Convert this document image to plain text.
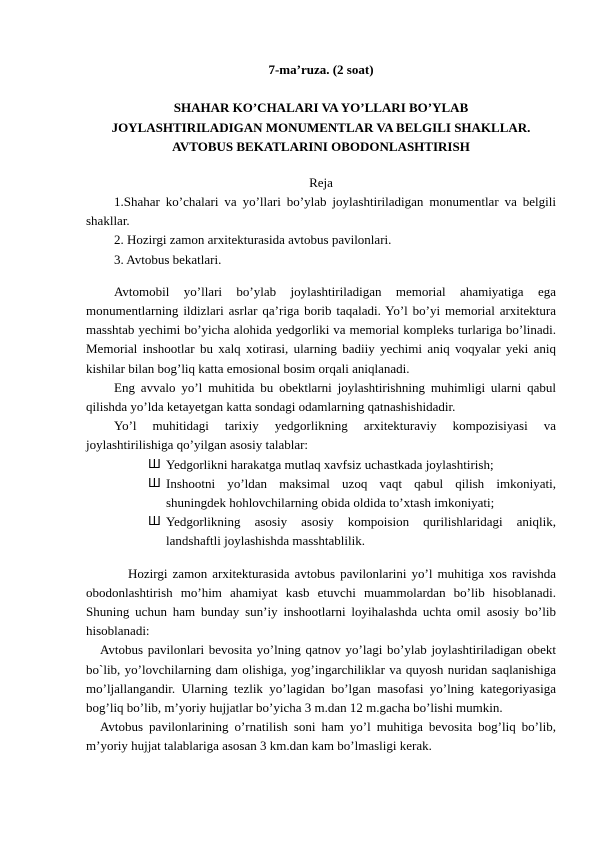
7-ma’ruza. (2 soat)

SHAHAR KO’CHALARI VA YO’LLARI BO’YLAB
JOYLASHTIRILADIGAN MONUMENTLAR VA BELGILI SHAKLLAR.
AVTOBUS BEKATLARINI OBODONLASHTIRISH

Reja

1.Shahar ko’chalari va yo’llari bo’ylab joylashtiriladigan monumentlar va belgili shakllar.

2. Hozirgi zamon arxitekturasida avtobus pavilonlari.

3. Avtobus bekatlari.

Avtomobil yo’llari bo’ylab joylashtiriladigan memorial ahamiyatiga ega monumentlarning ildizlari asrlar qa’riga borib taqaladi. Yo’l bo’yi memorial arxitektura masshtab yechimi bo’yicha alohida yedgorliki va memorial kompleks turlariga bo’linadi. Memorial inshootlar bu xalq xotirasi, ularning badiiy yechimi aniq voqyalar yeki aniq kishilar bilan bog’liq katta emosional bosim orqali aniqlanadi.

Eng avvalo yo’l muhitida bu obektlarni joylashtirishning muhimligi ularni qabul qilishda yo’lda ketayetgan katta sondagi odamlarning qatnashishidadir.

Yo’l muhitidagi tarixiy yedgorlikning arxitekturaviy kompozisiyasi va joylashtirilishiga qo’yilgan asosiy talablar:

Ш Yedgorlikni harakatga mutlaq xavfsiz uchastkada joylashtirish;
Ш Inshootni yo’ldan maksimal uzoq vaqt qabul qilish imkoniyati, shuningdek hohlovchilarning obida oldida to’xtash imkoniyati;
Ш Yedgorlikning asosiy asosiy kompoision qurilishlaridagi aniqlik, landshaftli joylashishda masshtablilik.

Hozirgi zamon arxitekturasida avtobus pavilonlarini yo’l muhitiga xos ravishda obodonlashtirish mo’him ahamiyat kasb etuvchi muammolardan bo’lib hisoblanadi. Shuning uchun ham bunday sun’iy inshootlarni loyihalashda uchta omil asosiy bo’lib hisoblanadi:

Avtobus pavilonlari bevosita yo’lning qatnov yo’lagi bo’ylab joylashtiriladigan obekt bo`lib, yo’lovchilarning dam olishiga, yog’ingarchiliklar va quyosh nuridan saqlanishiga mo’ljallangandir. Ularning tezlik yo’lagidan bo’lgan masofasi yo’lning kategoriyasiga bog’liq bo’lib, m’yoriy hujjatlar bo’yicha 3 m.dan 12 m.gacha bo’lishi mumkin.

Avtobus pavilonlarining o’rnatilish soni ham yo’l muhitiga bevosita bog’liq bo’lib, m’yoriy hujjat talablariga asosan 3 km.dan kam bo’lmasligi kerak.
